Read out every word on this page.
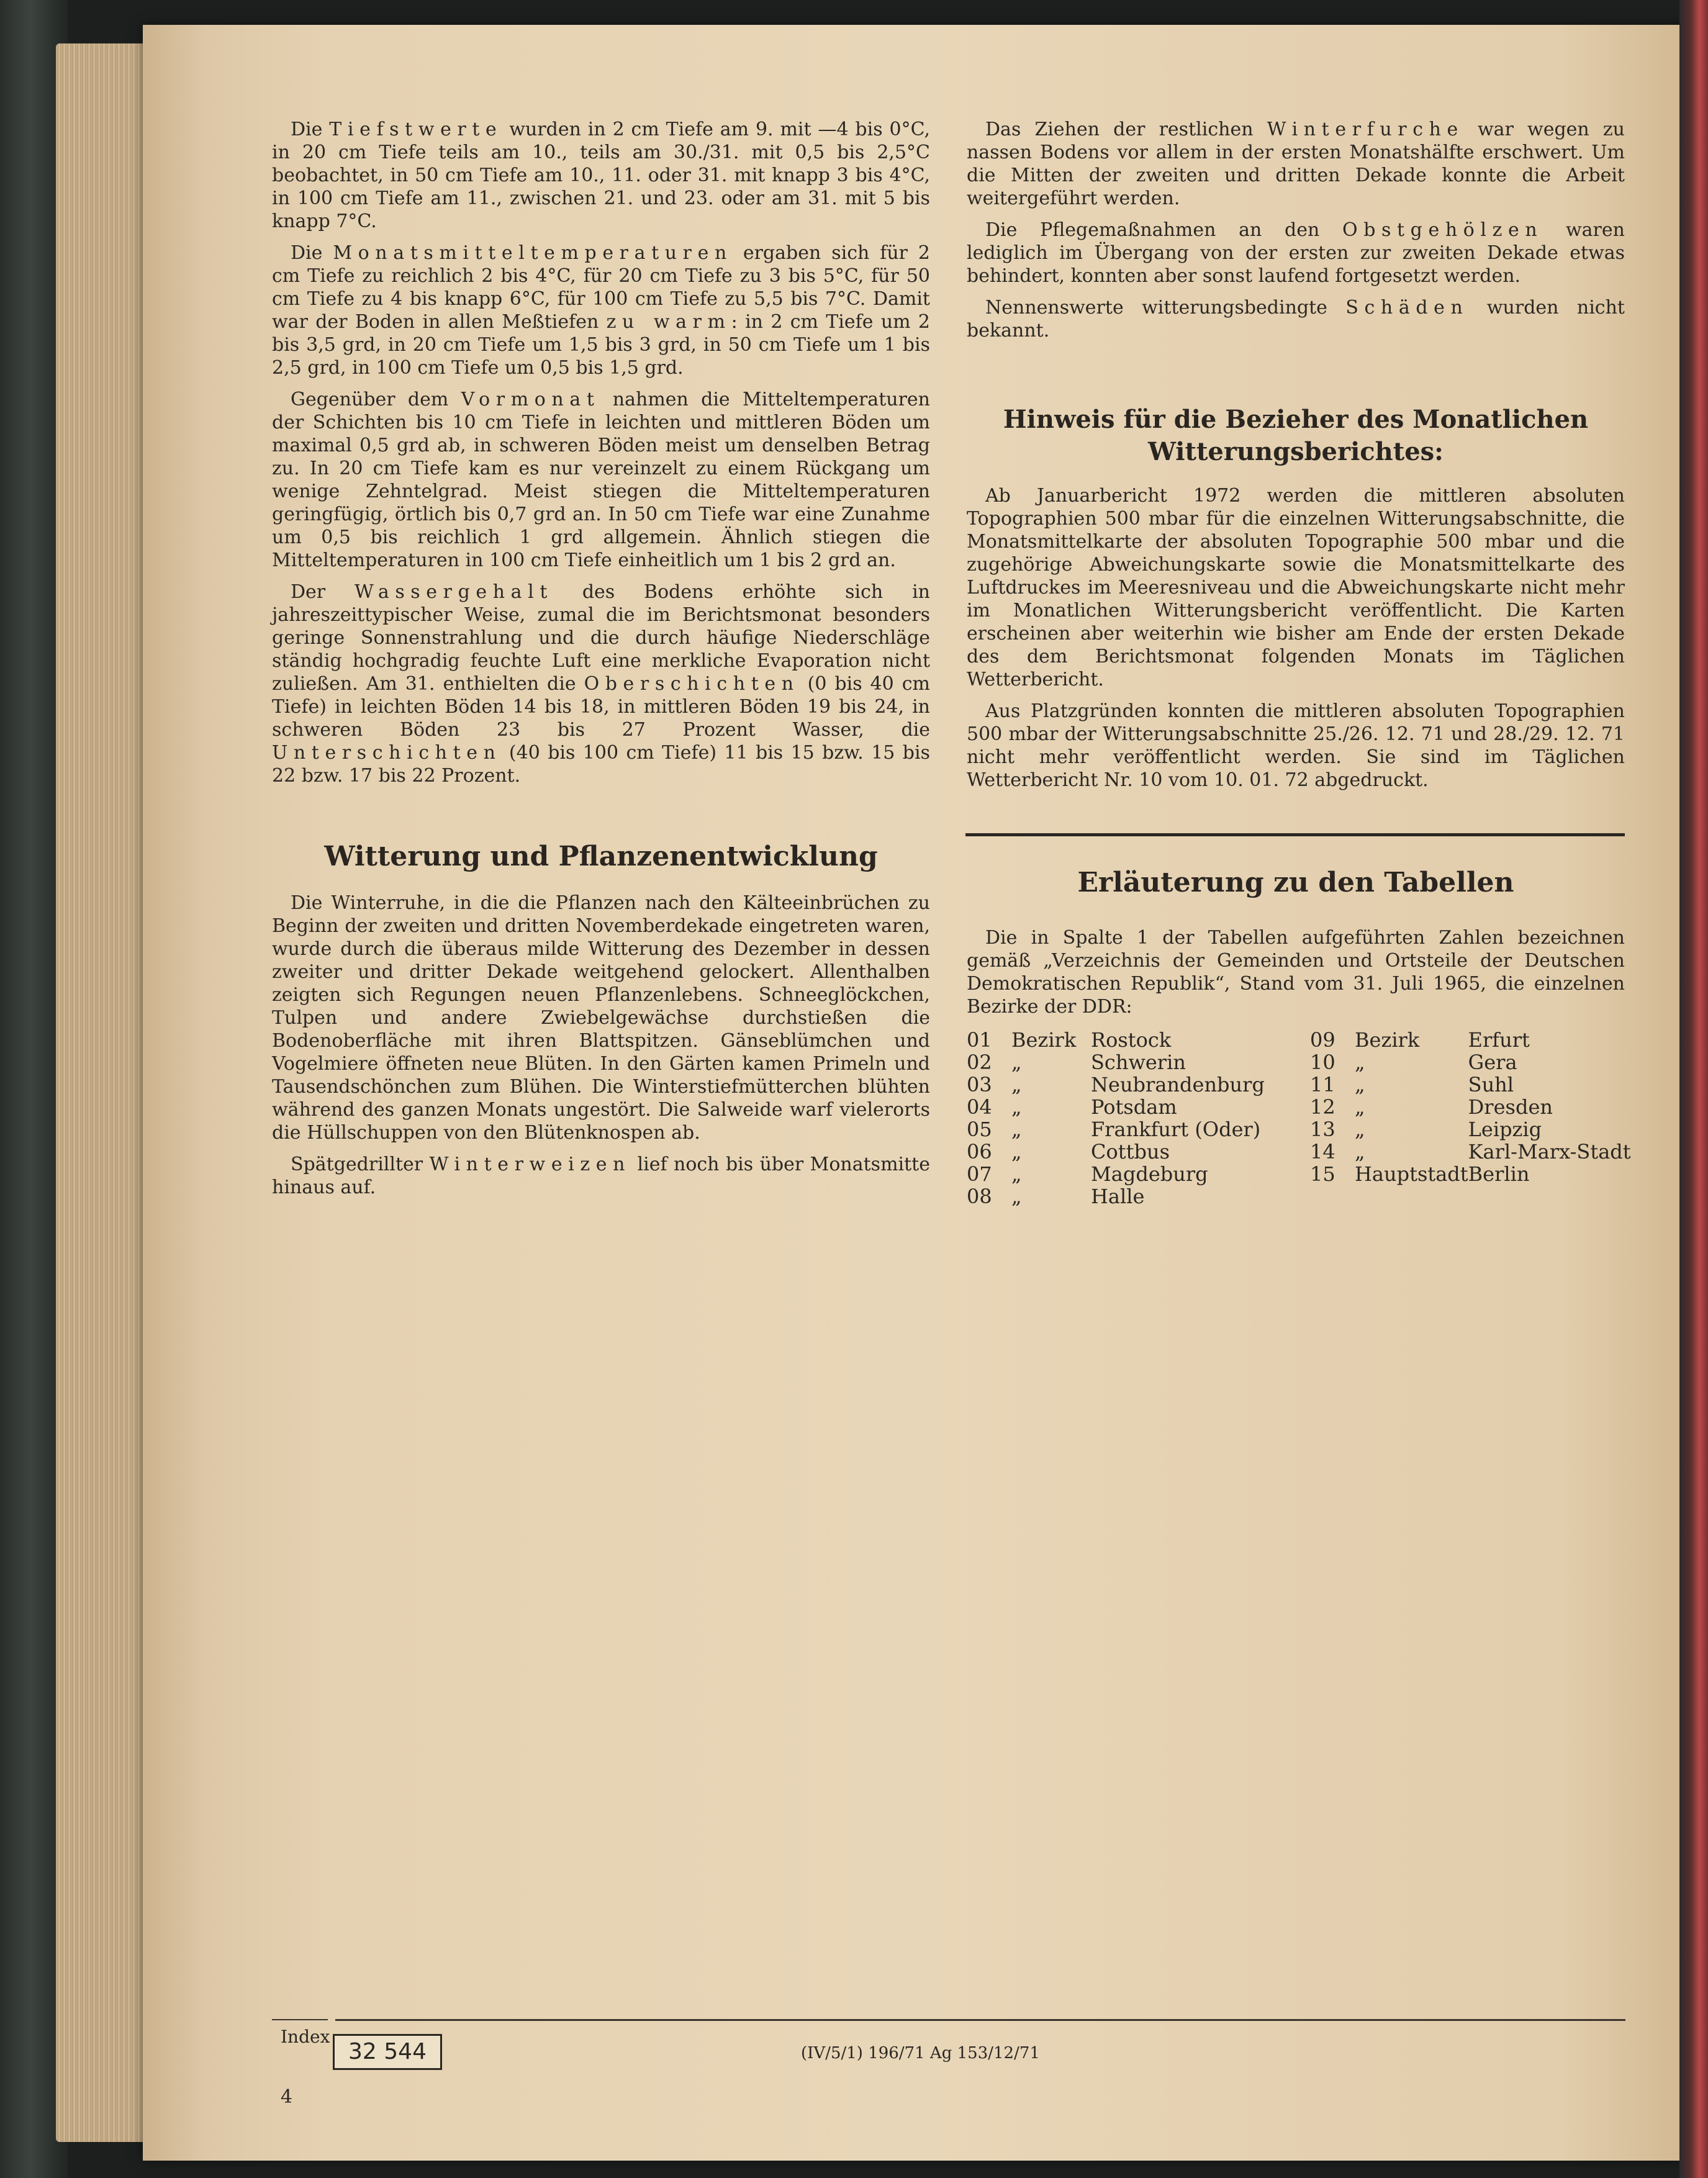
Die Tiefstwerte wurden in 2 cm Tiefe am 9. mit —4 bis 0°C, in 20 cm Tiefe teils am 10., teils am 30./31. mit 0,5 bis 2,5°C beobachtet, in 50 cm Tiefe am 10., 11. oder 31. mit knapp 3 bis 4°C, in 100 cm Tiefe am 11., zwischen 21. und 23. oder am 31. mit 5 bis knapp 7°C.

Die Monatsmitteltemperaturen ergaben sich für 2 cm Tiefe zu reichlich 2 bis 4°C, für 20 cm Tiefe zu 3 bis 5°C, für 50 cm Tiefe zu 4 bis knapp 6°C, für 100 cm Tiefe zu 5,5 bis 7°C. Damit war der Boden in allen Meßtiefen zu warm: in 2 cm Tiefe um 2 bis 3,5 grd, in 20 cm Tiefe um 1,5 bis 3 grd, in 50 cm Tiefe um 1 bis 2,5 grd, in 100 cm Tiefe um 0,5 bis 1,5 grd.

Gegenüber dem Vormonat nahmen die Mitteltemperaturen der Schichten bis 10 cm Tiefe in leichten und mittleren Böden um maximal 0,5 grd ab, in schweren Böden meist um denselben Betrag zu. In 20 cm Tiefe kam es nur vereinzelt zu einem Rückgang um wenige Zehntelgrad. Meist stiegen die Mitteltemperaturen geringfügig, örtlich bis 0,7 grd an. In 50 cm Tiefe war eine Zunahme um 0,5 bis reichlich 1 grd allgemein. Ähnlich stiegen die Mitteltemperaturen in 100 cm Tiefe einheitlich um 1 bis 2 grd an.

Der Wassergehalt des Bodens erhöhte sich in jahreszeittypischer Weise, zumal die im Berichtsmonat besonders geringe Sonnenstrahlung und die durch häufige Niederschläge ständig hochgradig feuchte Luft eine merkliche Evaporation nicht zuließen. Am 31. enthielten die Oberschichten (0 bis 40 cm Tiefe) in leichten Böden 14 bis 18, in mittleren Böden 19 bis 24, in schweren Böden 23 bis 27 Prozent Wasser, die Unterschichten (40 bis 100 cm Tiefe) 11 bis 15 bzw. 15 bis 22 bzw. 17 bis 22 Prozent.

Witterung und Pflanzenentwicklung

Die Winterruhe, in die die Pflanzen nach den Kälteeinbrüchen zu Beginn der zweiten und dritten Novemberdekade eingetreten waren, wurde durch die überaus milde Witterung des Dezember in dessen zweiter und dritter Dekade weitgehend gelockert. Allenthalben zeigten sich Regungen neuen Pflanzenlebens. Schneeglöckchen, Tulpen und andere Zwiebelgewächse durchstießen die Bodenoberfläche mit ihren Blattspitzen. Gänseblümchen und Vogelmiere öffneten neue Blüten. In den Gärten kamen Primeln und Tausendschönchen zum Blühen. Die Winterstiefmütterchen blühten während des ganzen Monats ungestört. Die Salweide warf vielerorts die Hüllschuppen von den Blütenknospen ab.

Spätgedrillter Winterweizen lief noch bis über Monatsmitte hinaus auf.

Das Ziehen der restlichen Winterfurche war wegen zu nassen Bodens vor allem in der ersten Monatshälfte erschwert. Um die Mitten der zweiten und dritten Dekade konnte die Arbeit weitergeführt werden.

Die Pflegemaßnahmen an den Obstgehölzen waren lediglich im Übergang von der ersten zur zweiten Dekade etwas behindert, konnten aber sonst laufend fortgesetzt werden.

Nennenswerte witterungsbedingte Schäden wurden nicht bekannt.

Hinweis für die Bezieher des Monatlichen Witterungsberichtes:

Ab Januarbericht 1972 werden die mittleren absoluten Topographien 500 mbar für die einzelnen Witterungsabschnitte, die Monatsmittelkarte der absoluten Topographie 500 mbar und die zugehörige Abweichungskarte sowie die Monatsmittelkarte des Luftdruckes im Meeresniveau und die Abweichungskarte nicht mehr im Monatlichen Witterungsbericht veröffentlicht. Die Karten erscheinen aber weiterhin wie bisher am Ende der ersten Dekade des dem Berichtsmonat folgenden Monats im Täglichen Wetterbericht.

Aus Platzgründen konnten die mittleren absoluten Topographien 500 mbar der Witterungsabschnitte 25./26. 12. 71 und 28./29. 12. 71 nicht mehr veröffentlicht werden. Sie sind im Täglichen Wetterbericht Nr. 10 vom 10. 01. 72 abgedruckt.

Erläuterung zu den Tabellen

Die in Spalte 1 der Tabellen aufgeführten Zahlen bezeichnen gemäß „Verzeichnis der Gemeinden und Ortsteile der Deutschen Demokratischen Republik“, Stand vom 31. Juli 1965, die einzelnen Bezirke der DDR:

01	Bezirk	Rostock
02	„	Schwerin
03	„	Neubrandenburg
04	„	Potsdam
05	„	Frankfurt (Oder)
06	„	Cottbus
07	„	Magdeburg
08	„	Halle
09	Bezirk	Erfurt
10	„	Gera
11	„	Suhl
12	„	Dresden
13	„	Leipzig
14	„	Karl-Marx-Stadt
15	Hauptstadt	Berlin
Index
32 544	(IV/5/1) 196/71 Ag 153/12/71
4
